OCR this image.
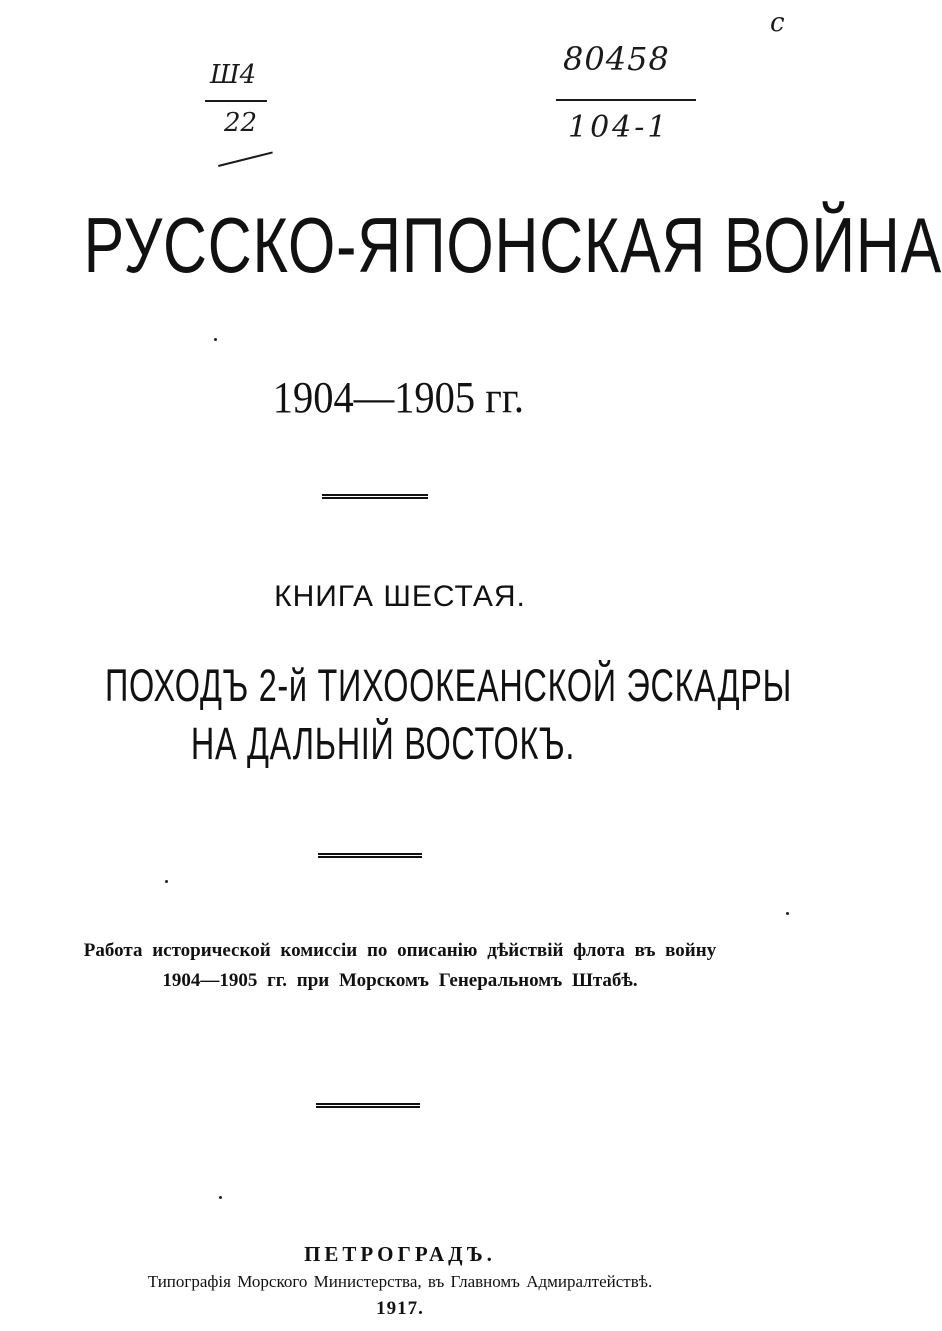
Ш4
22
80458
104-1
с
РУССКО-ЯПОНСКАЯ ВОЙНА
1904—1905 гг.
КНИГА ШЕСТАЯ.
ПОХОДЪ 2-й ТИХООКЕАНСКОЙ ЭСКАДРЫ
НА ДАЛЬНІЙ ВОСТОКЪ.
Работа исторической комиссіи по описанію дѣйствій флота въ войну
1904—1905 гг. при Морскомъ Генеральномъ Штабѣ.
ПЕТРОГРАДЪ.
Типографія Морского Министерства, въ Главномъ Адмиралтействѣ.
1917.
